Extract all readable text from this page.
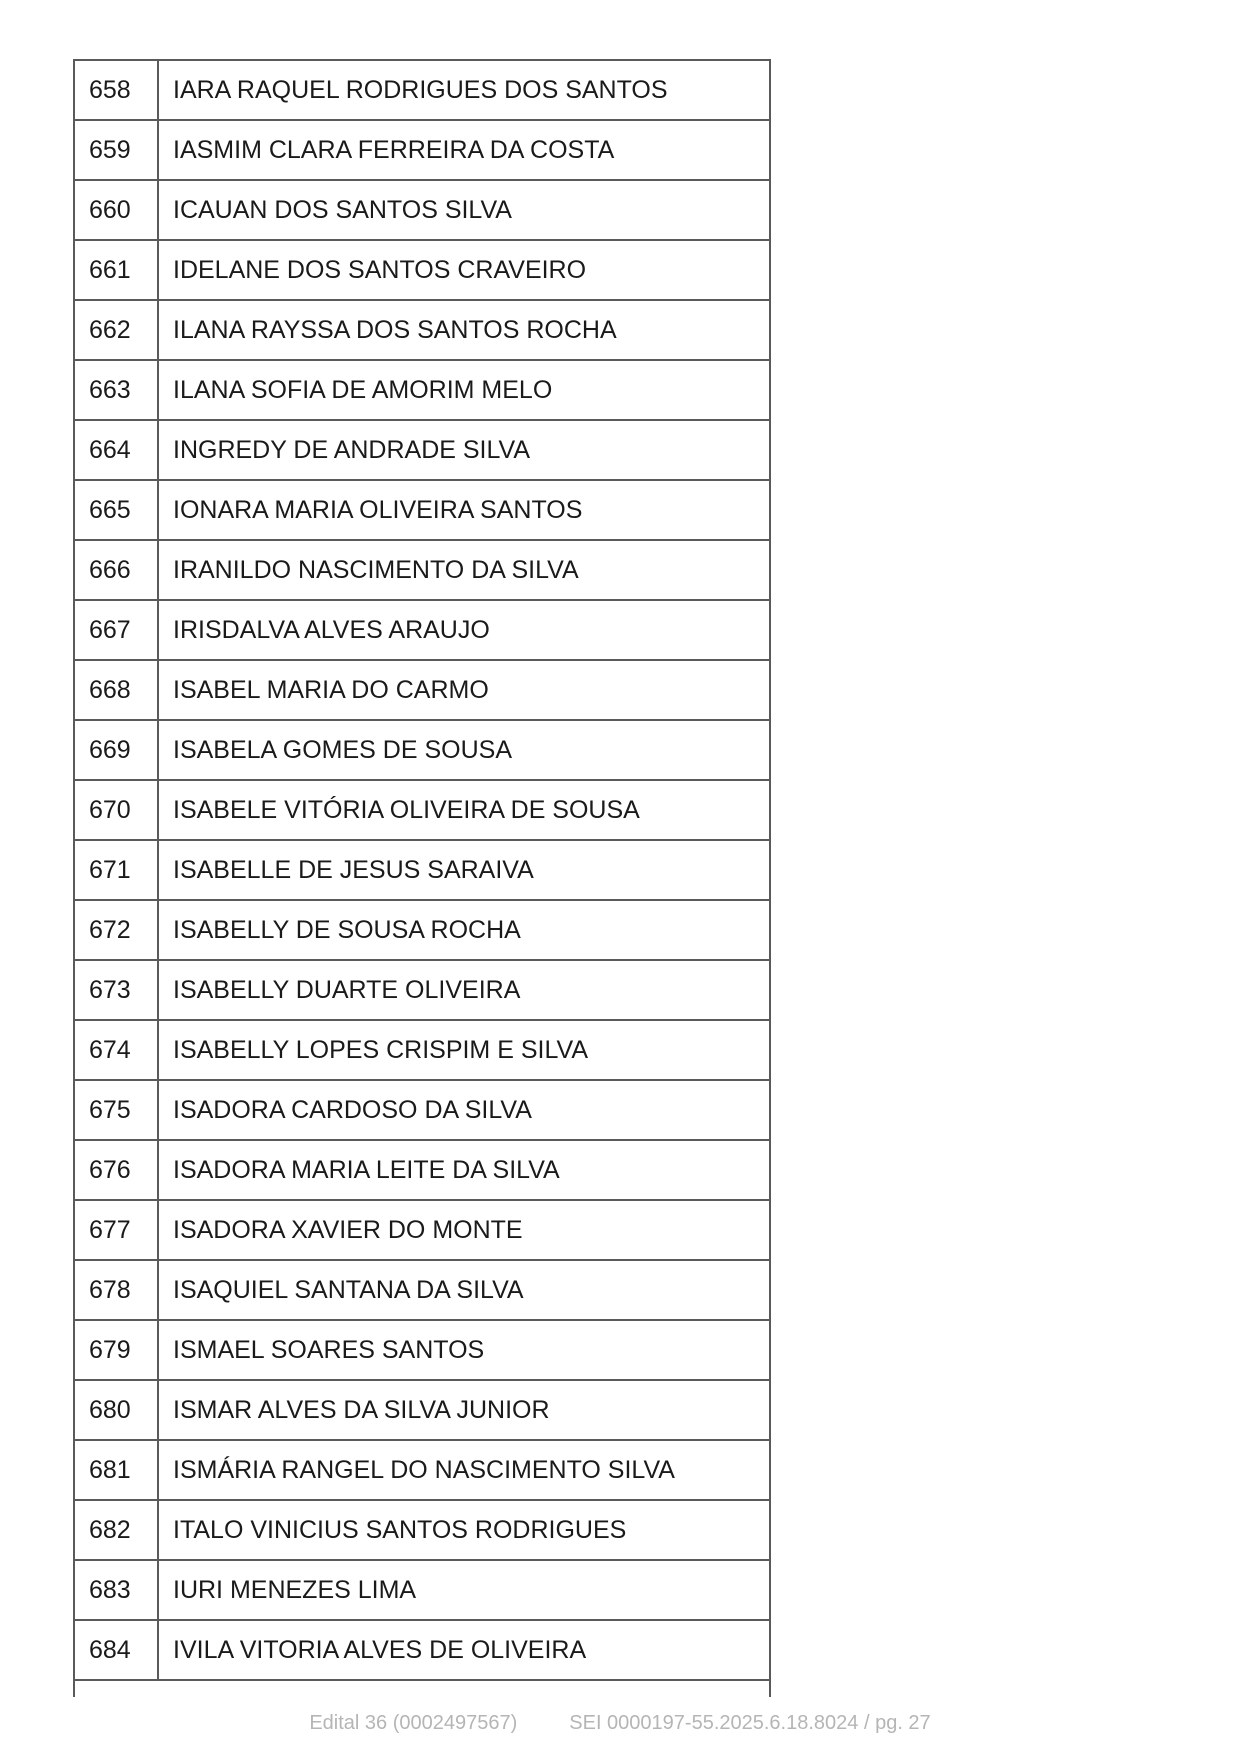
658	IARA RAQUEL RODRIGUES DOS SANTOS
659	IASMIM CLARA FERREIRA DA COSTA
660	ICAUAN DOS SANTOS SILVA
661	IDELANE DOS SANTOS CRAVEIRO
662	ILANA RAYSSA DOS SANTOS ROCHA
663	ILANA SOFIA DE AMORIM MELO
664	INGREDY DE ANDRADE SILVA
665	IONARA MARIA OLIVEIRA SANTOS
666	IRANILDO NASCIMENTO DA SILVA
667	IRISDALVA ALVES ARAUJO
668	ISABEL MARIA DO CARMO
669	ISABELA GOMES DE SOUSA
670	ISABELE VITÓRIA OLIVEIRA DE SOUSA
671	ISABELLE DE JESUS SARAIVA
672	ISABELLY DE SOUSA ROCHA
673	ISABELLY DUARTE OLIVEIRA
674	ISABELLY LOPES CRISPIM E SILVA
675	ISADORA CARDOSO DA SILVA
676	ISADORA MARIA LEITE DA SILVA
677	ISADORA XAVIER DO MONTE
678	ISAQUIEL SANTANA DA SILVA
679	ISMAEL SOARES SANTOS
680	ISMAR ALVES DA SILVA JUNIOR
681	ISMÁRIA RANGEL DO NASCIMENTO SILVA
682	ITALO VINICIUS SANTOS RODRIGUES
683	IURI MENEZES LIMA
684	IVILA VITORIA ALVES DE OLIVEIRA
Edital 36 (0002497567)	SEI 0000197-55.2025.6.18.8024 / pg. 27
